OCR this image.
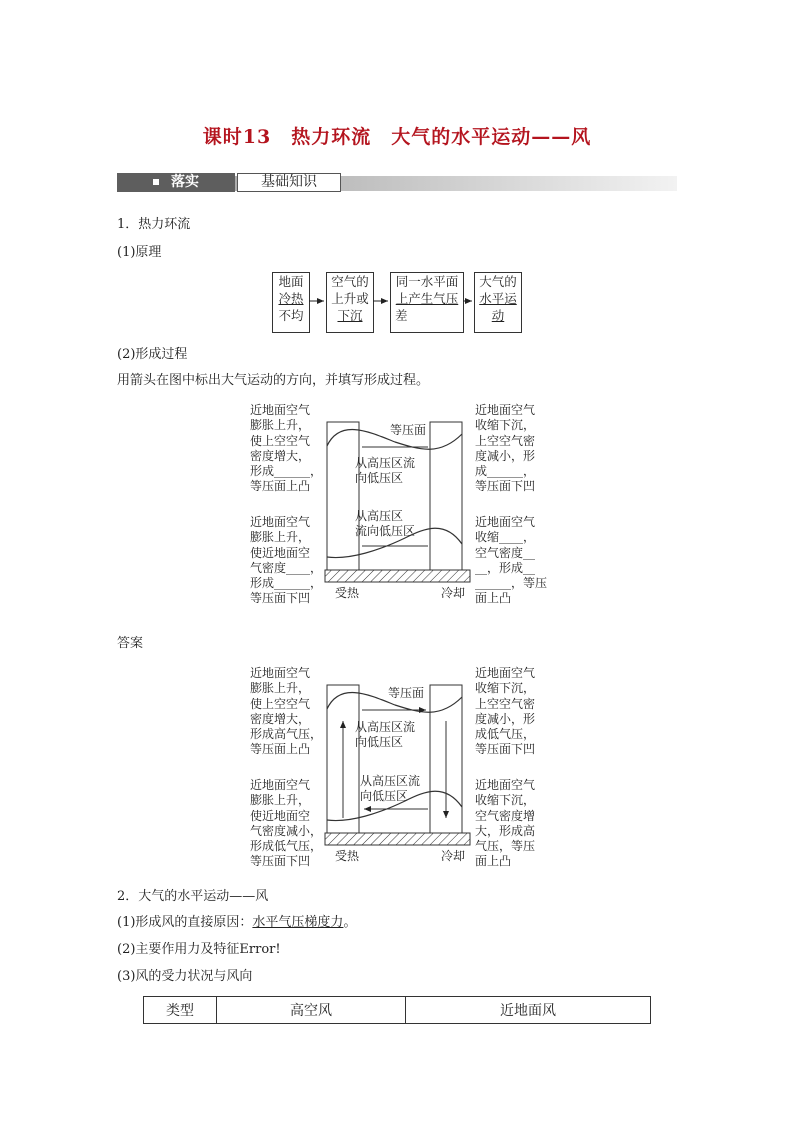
课时13　热力环流　大气的水平运动——风
落实	基础知识
1．热力环流
(1)原理
地面
冷热
不均
空气的
上升或
下沉
同一水平面
上产生气压
差
大气的
水平运动
(2)形成过程
用箭头在图中标出大气运动的方向，并填写形成过程。
近地面空气
膨胀上升，
使上空空气
密度增大，
形成______，
等压面上凸
近地面空气
膨胀上升，
使近地面空
气密度____，
形成______，
等压面下凹
近地面空气
收缩下沉，
上空空气密
度减小，形
成______，
等压面下凹
近地面空气
收缩____，
空气密度__
__，形成__
______，等压
面上凸
等压面
从高压区流
向低压区
从高压区
流向低压区
受热	冷却
答案
近地面空气
膨胀上升，
使上空空气
密度增大，
形成高气压，
等压面上凸
近地面空气
膨胀上升，
使近地面空
气密度减小，
形成低气压，
等压面下凹
近地面空气
收缩下沉，
上空空气密
度减小，形
成低气压，
等压面下凹
近地面空气
收缩下沉，
空气密度增
大，形成高
气压，等压
面上凸
等压面
从高压区流
向低压区
从高压区流
向低压区
受热	冷却
2．大气的水平运动——风
(1)形成风的直接原因：水平气压梯度力。
(2)主要作用力及特征Error!
(3)风的受力状况与风向
类型	高空风	近地面风
